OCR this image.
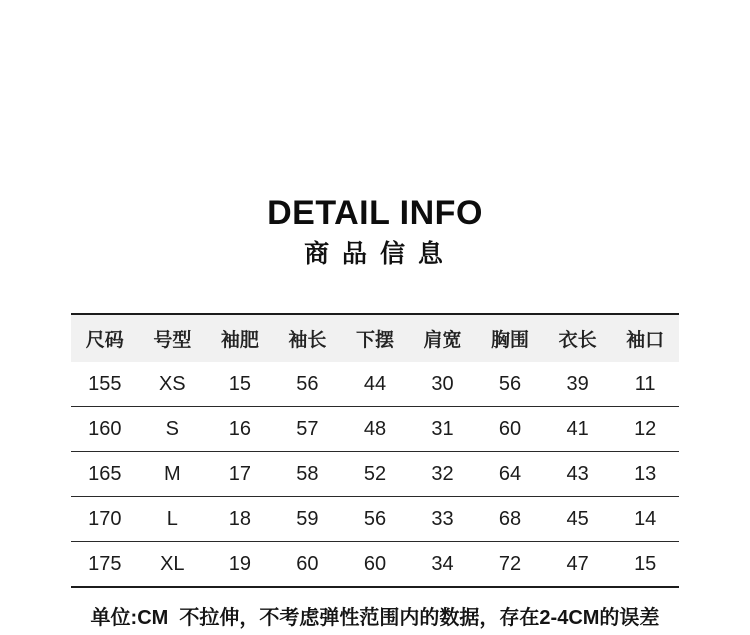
DETAIL INFO
商 品 信 息
尺码	号型	袖肥	袖长	下摆	肩宽	胸围	衣长	袖口
155	XS	15	56	44	30	56	39	11
160	S	16	57	48	31	60	41	12
165	M	17	58	52	32	64	43	13
170	L	18	59	56	33	68	45	14
175	XL	19	60	60	34	72	47	15
单位:CM  不拉伸，不考虑弹性范围内的数据，存在2-4CM的误差
